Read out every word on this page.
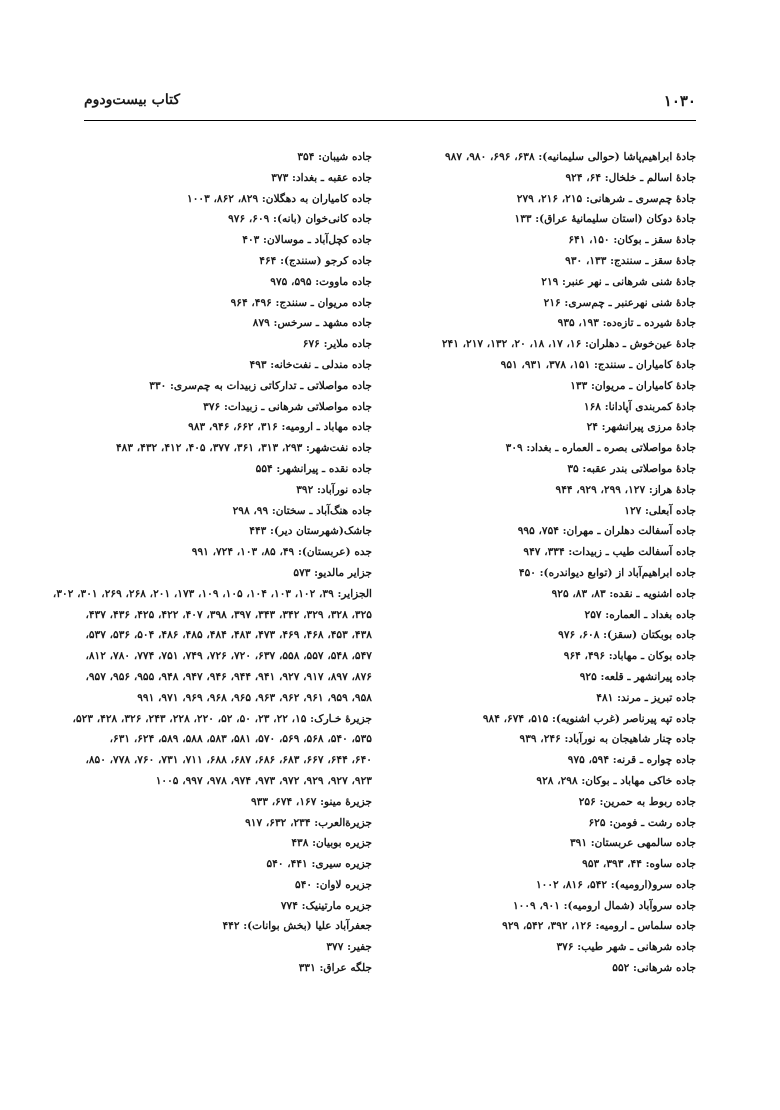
۱۰۳۰
کتاب بیست‌ودوم
جادهٔ ابراهیم‌پاشا (حوالی سلیمانیه): ۶۳۸، ۶۹۶، ۹۸۰، ۹۸۷
جادهٔ اسالم ـ خلخال: ۶۴، ۹۲۴
جادهٔ چم‌سری ـ شرهانی: ۲۱۵، ۲۱۶، ۲۷۹
جادهٔ دوکان (استان سلیمانیهٔ عراق): ۱۳۳
جادهٔ سقز ـ بوکان: ۱۵۰، ۶۴۱
جادهٔ سقز ـ سنندج: ۱۳۳، ۹۳۰
جادهٔ شنی شرهانی ـ نهر عنبر: ۲۱۹
جادهٔ شنی نهرعنبر ـ چم‌سری: ۲۱۶
جادهٔ شیرده ـ تازه‌ده: ۱۹۳، ۹۳۵
جادهٔ عین‌خوش ـ دهلران: ۱۶، ۱۷، ۱۸، ۲۰، ۱۳۲، ۲۱۷، ۲۴۱
جادهٔ کامیاران ـ سنندج: ۱۵۱، ۳۷۸، ۹۳۱، ۹۵۱
جادهٔ کامیاران ـ مریوان: ۱۳۳
جادهٔ کمربندی آپادانا: ۱۶۸
جادهٔ مرزی پیرانشهر: ۲۴
جادهٔ مواصلاتی بصره ـ العماره ـ بغداد: ۳۰۹
جادهٔ مواصلاتی بندر عقبه: ۳۵
جادهٔ هراز: ۱۲۷، ۲۹۹، ۹۲۹، ۹۴۴
جاده آبعلی: ۱۲۷
جاده آسفالت دهلران ـ مهران: ۷۵۴، ۹۹۵
جاده آسفالت طیب ـ زبیدات: ۳۳۴، ۹۴۷
جاده ابراهیم‌آباد از (توابع دیواندره): ۴۵۰
جاده اشنویه ـ نقده: ۸۳، ۸۳، ۹۲۵
جاده بغداد ـ العماره: ۲۵۷
جاده بوبکتان (سقز): ۶۰۸، ۹۷۶
جاده بوکان ـ مهاباد: ۴۹۶، ۹۶۴
جاده پیرانشهر ـ قلعه: ۹۲۵
جاده تبریز ـ مرند: ۴۸۱
جاده تپه پیرناصر (غرب اشنویه): ۵۱۵، ۶۷۴، ۹۸۴
جاده چنار شاهیجان به نورآباد: ۲۴۶، ۹۳۹
جاده چواره ـ قرنه: ۵۹۴، ۹۷۵
جاده خاکی مهاباد ـ بوکان: ۲۹۸، ۹۲۸
جاده ربوط به حمرین: ۲۵۶
جاده رشت ـ فومن: ۶۲۵
جاده سالمهی عربستان: ۳۹۱
جاده ساوه: ۴۴، ۳۹۳، ۹۵۳
جاده سرو(ارومیه): ۵۴۲، ۸۱۶، ۱۰۰۲
جاده سروآباد (شمال ارومیه): ۹۰۱، ۱۰۰۹
جاده سلماس ـ ارومیه: ۱۲۶، ۳۹۲، ۵۴۲، ۹۲۹
جاده شرهانی ـ شهر طیب: ۳۷۶
جاده شرهانی: ۵۵۲
جاده شیبان: ۳۵۴
جاده عقبه ـ بغداد: ۳۷۳
جاده کامیاران به دهگلان: ۸۲۹، ۸۶۲، ۱۰۰۳
جاده کانی‌خوان (بانه): ۶۰۹، ۹۷۶
جاده کچل‌آباد ـ موسالان: ۴۰۳
جاده کرجو (سنندج): ۴۶۴
جاده ماووت: ۵۹۵، ۹۷۵
جاده مریوان ـ سنندج: ۴۹۶، ۹۶۴
جاده مشهد ـ سرخس: ۸۷۹
جاده ملایر: ۶۷۶
جاده مندلی ـ نفت‌خانه: ۴۹۳
جاده مواصلاتی ـ تدارکاتی زبیدات به چم‌سری: ۳۳۰
جاده مواصلاتی شرهانی ـ زبیدات: ۳۷۶
جاده مهاباد ـ ارومیه: ۳۱۶، ۶۶۲، ۹۴۶، ۹۸۳
جاده نفت‌شهر: ۲۹۳، ۳۱۳، ۳۶۱، ۳۷۷، ۴۰۵، ۴۱۲، ۴۳۲، ۴۸۳
جاده نقده ـ پیرانشهر: ۵۵۴
جاده نورآباد: ۳۹۲
جاده هنگ‌آباد ـ سختان: ۹۹، ۲۹۸
جاشک(شهرستان دیر): ۴۴۳
جده (عربستان): ۴۹، ۸۵، ۱۰۳، ۷۲۴، ۹۹۱
جزایر مالدیو: ۵۷۳
الجزایر: ۳۹، ۱۰۲، ۱۰۳، ۱۰۴، ۱۰۵، ۱۰۹، ۱۷۳، ۲۰۱، ۲۶۸، ۲۶۹، ۳۰۱، ۳۰۲،
۳۲۵، ۳۲۸، ۳۲۹، ۳۴۲، ۳۴۳، ۳۹۷، ۳۹۸، ۴۰۷، ۴۲۲، ۴۲۵، ۴۳۶، ۴۳۷،
۴۳۸، ۴۵۳، ۴۶۸، ۴۶۹، ۴۷۳، ۴۸۳، ۴۸۴، ۴۸۵، ۴۸۶، ۵۰۴، ۵۳۶، ۵۳۷،
۵۴۷، ۵۴۸، ۵۵۷، ۵۵۸، ۶۳۷، ۷۲۰، ۷۲۶، ۷۴۹، ۷۵۱، ۷۷۴، ۷۸۰، ۸۱۲،
۸۷۶، ۸۹۷، ۹۱۷، ۹۲۷، ۹۴۱، ۹۴۴، ۹۴۶، ۹۴۷، ۹۴۸، ۹۵۵، ۹۵۶، ۹۵۷،
۹۵۸، ۹۵۹، ۹۶۱، ۹۶۲، ۹۶۳، ۹۶۵، ۹۶۸، ۹۶۹، ۹۷۱، ۹۹۱
جزیرهٔ خـارک: ۱۵، ۲۲، ۲۳، ۵۰، ۵۲، ۲۲۰، ۲۲۸، ۲۴۳، ۳۲۶، ۴۲۸، ۵۲۳،
۵۳۵، ۵۴۰، ۵۶۸، ۵۶۹، ۵۷۰، ۵۸۱، ۵۸۳، ۵۸۸، ۵۸۹، ۶۲۴، ۶۳۱،
۶۴۰، ۶۴۴، ۶۶۷، ۶۸۳، ۶۸۶، ۶۸۷، ۶۸۸، ۷۱۱، ۷۳۱، ۷۶۰، ۷۷۸، ۸۵۰،
۹۲۳، ۹۲۷، ۹۲۹، ۹۷۲، ۹۷۳، ۹۷۴، ۹۷۸، ۹۹۷، ۱۰۰۵
جزیرهٔ مینو: ۱۶۷، ۶۷۴، ۹۳۳
جزیرةالعرب: ۲۳۴، ۶۳۲، ۹۱۷
جزیره بوبیان: ۴۳۸
جزیره سیری: ۴۴۱، ۵۴۰
جزیره لاوان: ۵۴۰
جزیره مارتینیک: ۷۷۴
جعفرآباد علیا (بخش بوانات): ۴۴۲
جفیر: ۳۷۷
جلگه عراق: ۳۳۱
